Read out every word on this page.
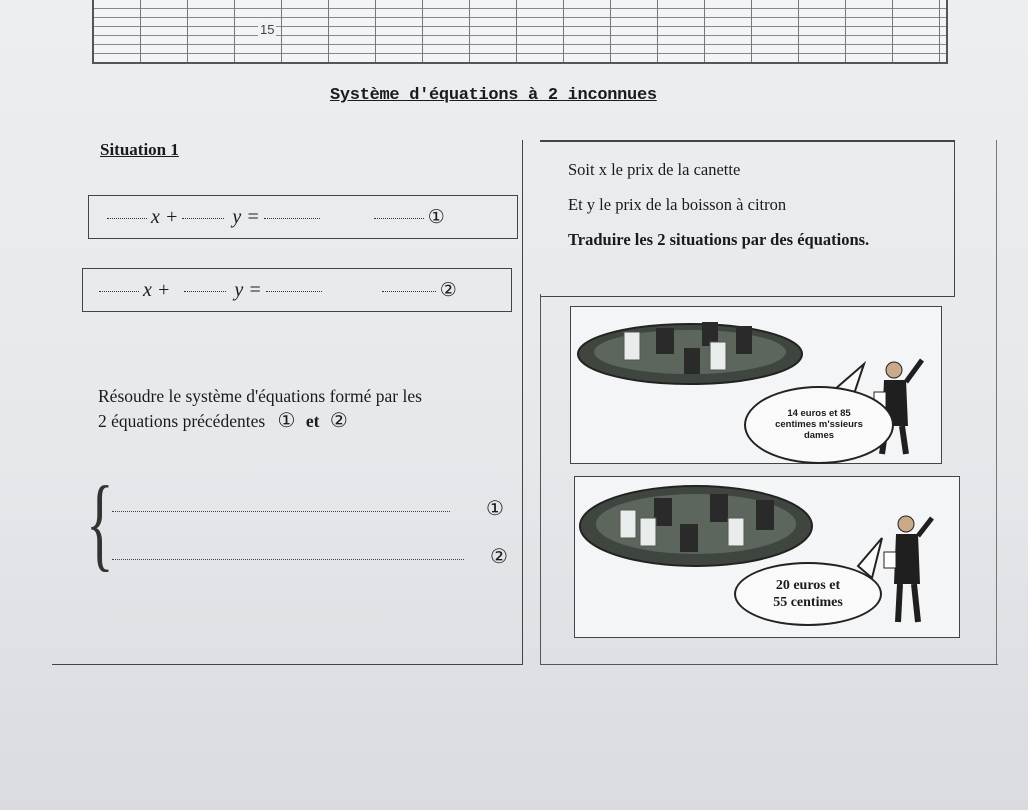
15
Système d'équations à 2 inconnues
Situation 1
x +	y =	①
x +	y =	②
Soit x le prix de la canette
Et y le prix de la boisson à citron
Traduire les 2 situations par des équations.
Résoudre le système d'équations formé par les
2 équations précédentes ① et ②
{	①
②
14 euros et 85
centimes m'ssieurs
dames
20 euros et
55 centimes
